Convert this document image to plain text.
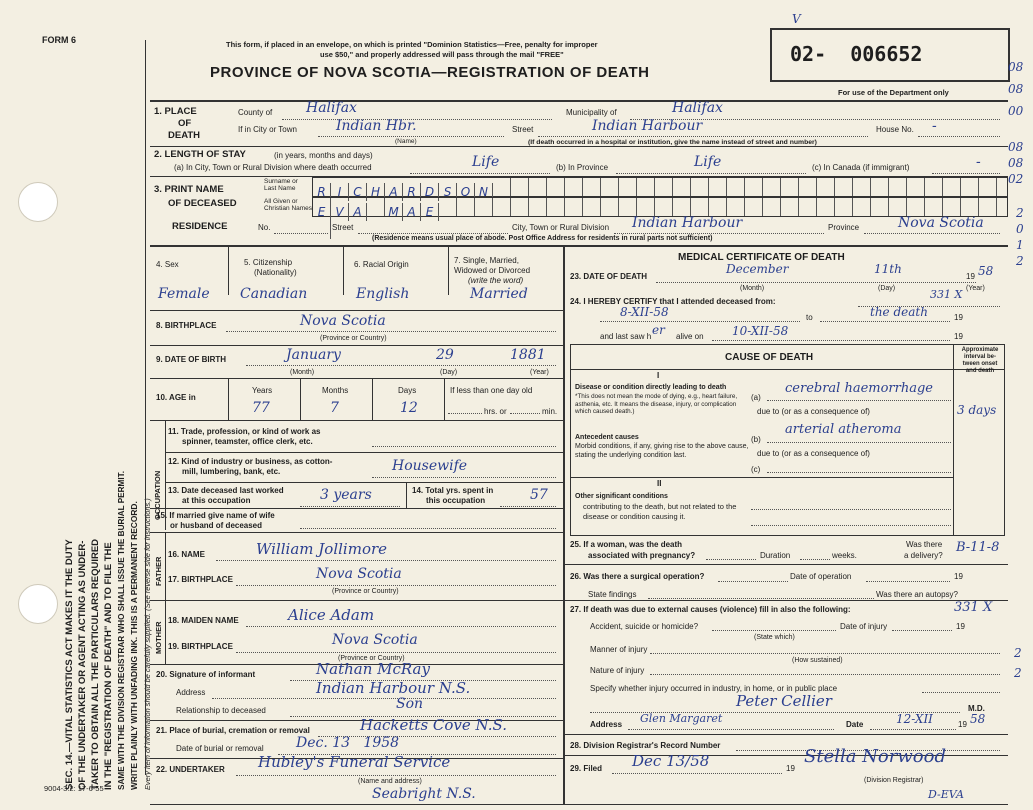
SEC. 14.—VITAL STATISTICS ACT MAKES IT THE DUTY OF THE UNDERTAKER OR AGENT ACTING AS UNDER- TAKER TO OBTAIN ALL THE PARTICULARS REQUIRED IN THE "REGISTRATION OF DEATH" AND TO FILE THE SAME WITH THE DIVISION REGISTRAR WHO SHALL ISSUE THE BURIAL PERMIT. WRITE PLAINLY WITH UNFADING INK. THIS IS A PERMANENT RECORD. Every item of information should be carefully supplied. (See reverse side for instructions.)
FORM 6	This form, if placed in an envelope, on which is printed "Dominion Statistics—Free, penalty for improper
use $50," and properly addressed will pass through the mail "FREE"
PROVINCE OF NOVA SCOTIA—REGISTRATION OF DEATH
02-  006652
For use of the Department only
V
08
08
00
08
08
02
2
0
1
2
2
2
1. PLACE
OF
DEATH
County of Halifax	Municipality of	Halifax
If in City or Town	Indian Hbr.
(Name)
Street	Indian Harbour	House No. -
(If death occurred in a hospital or institution, give the name instead of street and number)
2. LENGTH OF STAY	(in years, months and days)
(a) In City, Town or Rural Division where death occurred	Life	(b) In Province	Life	(c) In Canada (if immigrant)	-
3. PRINT NAME
OF DECEASED
Surname or
Last Name	R I C H A R D S O N
All Given or
Christian Names E V A M A E
RESIDENCE	No.	Street	City, Town or Rural Division Indian Harbour	Province	Nova Scotia
(Residence means usual place of abode. Post Office Address for residents in rural parts not sufficient)
4. Sex	5. Citizenship
(Nationality)
6. Racial Origin	7. Single, Married,
Widowed or Divorced
(write the word)
Female Canadian	English	Married
8. BIRTHPLACE	Nova Scotia
(Province or Country)
9. DATE OF BIRTH	January	29	1881
(Month)	(Day)	(Year)
10. AGE in
Years	Months	Days	If less than one day old
77	7	12	hrs. or	min.
OCCUPATION
11. Trade, profession, or kind of work as
spinner, teamster, office clerk, etc.
12. Kind of industry or business, as cotton-
mill, lumbering, bank, etc.	Housewife
13. Date deceased last worked
at this occupation	3 years	14. Total yrs. spent in
this occupation	57
15. If married give name of wife
or husband of deceased
FATHER
16. NAME	William Jollimore
17. BIRTHPLACE	Nova Scotia
(Province or Country)
MOTHER
18. MAIDEN NAME	Alice Adam
19. BIRTHPLACE	Nova Scotia
(Province or Country)
20. Signature of informant	Nathan McRay
Address	Indian Harbour N.S.
Relationship to deceased	Son
21. Place of burial, cremation or removal	Hacketts Cove N.S.
Date of burial or removal Dec. 13   1958
22. UNDERTAKER Hubley's Funeral Service
(Name and address)
Seabright N.S.
9004-3.2: 17-6-55
MEDICAL CERTIFICATE OF DEATH
23. DATE OF DEATH
December	11th
19 58
(Month)	(Day)	(Year)
24. I HEREBY CERTIFY that I attended deceased from:
331 X
8-XII-58	to	the death	19
and last saw h er alive on 10-XII-58	19
CAUSE OF DEATH
Approximate interval be- tween onset and death
I
Disease or condition directly leading to death
*This does not mean the mode of dying, e.g., heart failure, asthenia, etc. It means the disease, injury, or complication which caused death.)
(a)
cerebral haemorrhage
due to (or as a consequence of)	3 days
Antecedent causes
Morbid conditions, if any, giving rise to the above cause, stating the underlying condition last.
(b)
arterial atheroma
due to (or as a consequence of)
(c)
II
Other significant conditions
contributing to the death, but not related to the disease or condition causing it.
25. If a woman, was the death
associated with pregnancy?	Duration	weeks.
Was there
a delivery?
B-11-8
26. Was there a surgical operation?	Date of operation	19
State findings	Was there an autopsy?
27. If death was due to external causes (violence) fill in also the following:	331 X
Accident, suicide or homicide?	Date of injury	19
(State which)
Manner of injury
(How sustained)
Nature of injury
Specify whether injury occurred in industry, in home, or in public place
Peter Cellier	M.D.
Address Glen Margaret	Date	12-XII	19 58
28. Division Registrar's Record Number
29. Filed Dec 13/58	19
Stella Norwood
(Division Registrar)
D-EVA
